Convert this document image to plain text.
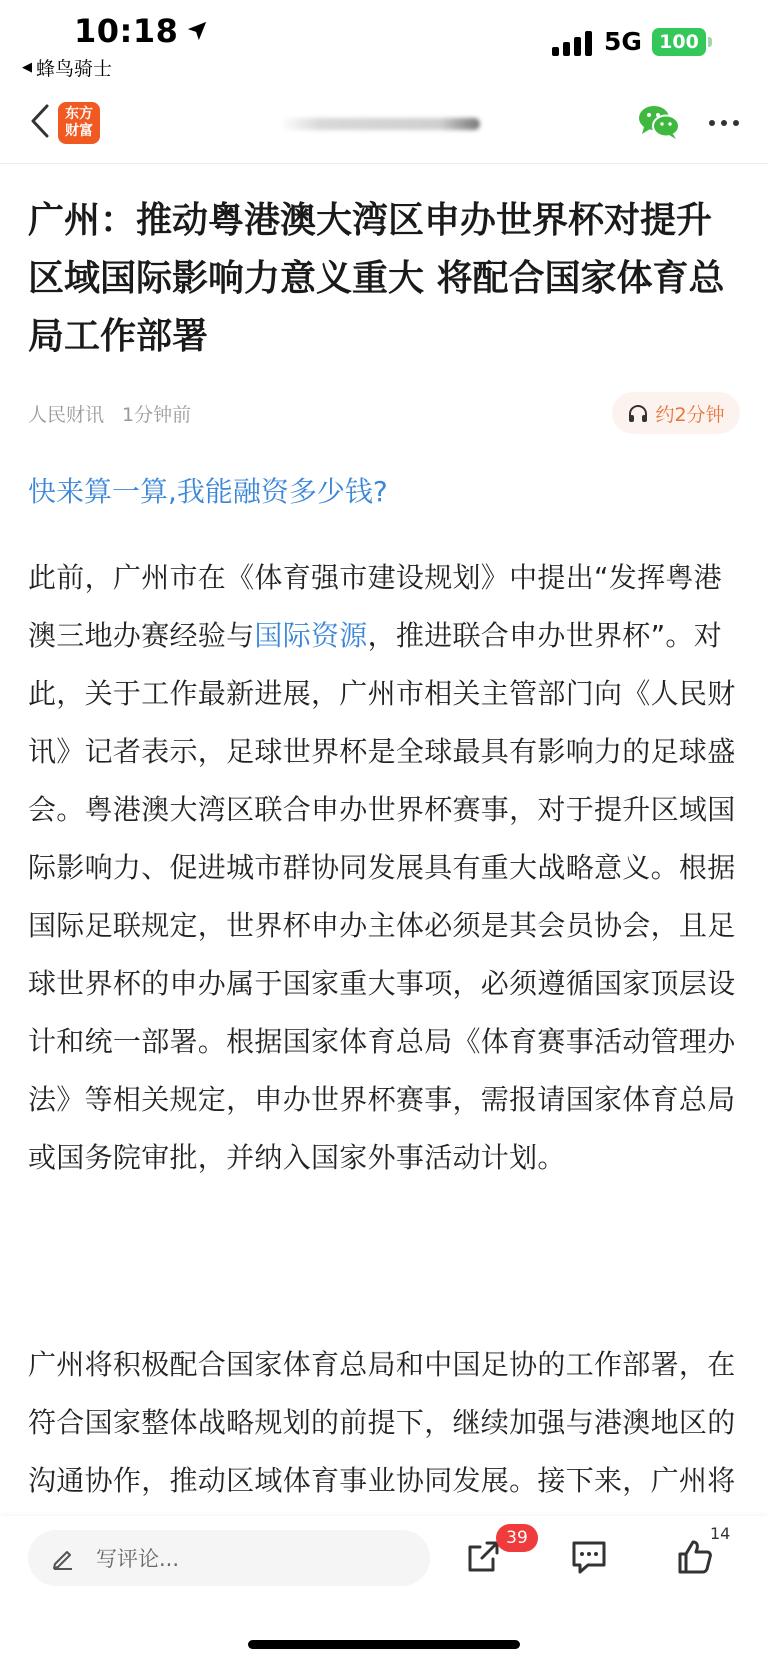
10:18
◀ 蜂鸟骑士
5G 100
东方
财富
广州：推动粤港澳大湾区申办世界杯对提升区域国际影响力意义重大 将配合国家体育总局工作部署
人民财讯 1分钟前	约2分钟
快来算一算,我能融资多少钱?

此前，广州市在《体育强市建设规划》中提出“发挥粤港澳三地办赛经验与国际资源，推进联合申办世界杯”。对此，关于工作最新进展，广州市相关主管部门向《人民财讯》记者表示，足球世界杯是全球最具有影响力的足球盛会。粤港澳大湾区联合申办世界杯赛事，对于提升区域国际影响力、促进城市群协同发展具有重大战略意义。根据国际足联规定，世界杯申办主体必须是其会员协会，且足球世界杯的申办属于国家重大事项，必须遵循国家顶层设计和统一部署。根据国家体育总局《体育赛事活动管理办法》等相关规定，申办世界杯赛事，需报请国家体育总局或国务院审批，并纳入国家外事活动计划。

广州将积极配合国家体育总局和中国足协的工作部署，在符合国家整体战略规划的前提下，继续加强与港澳地区的沟通协作，推动区域体育事业协同发展。接下来，广州将

写评论...
39	14
